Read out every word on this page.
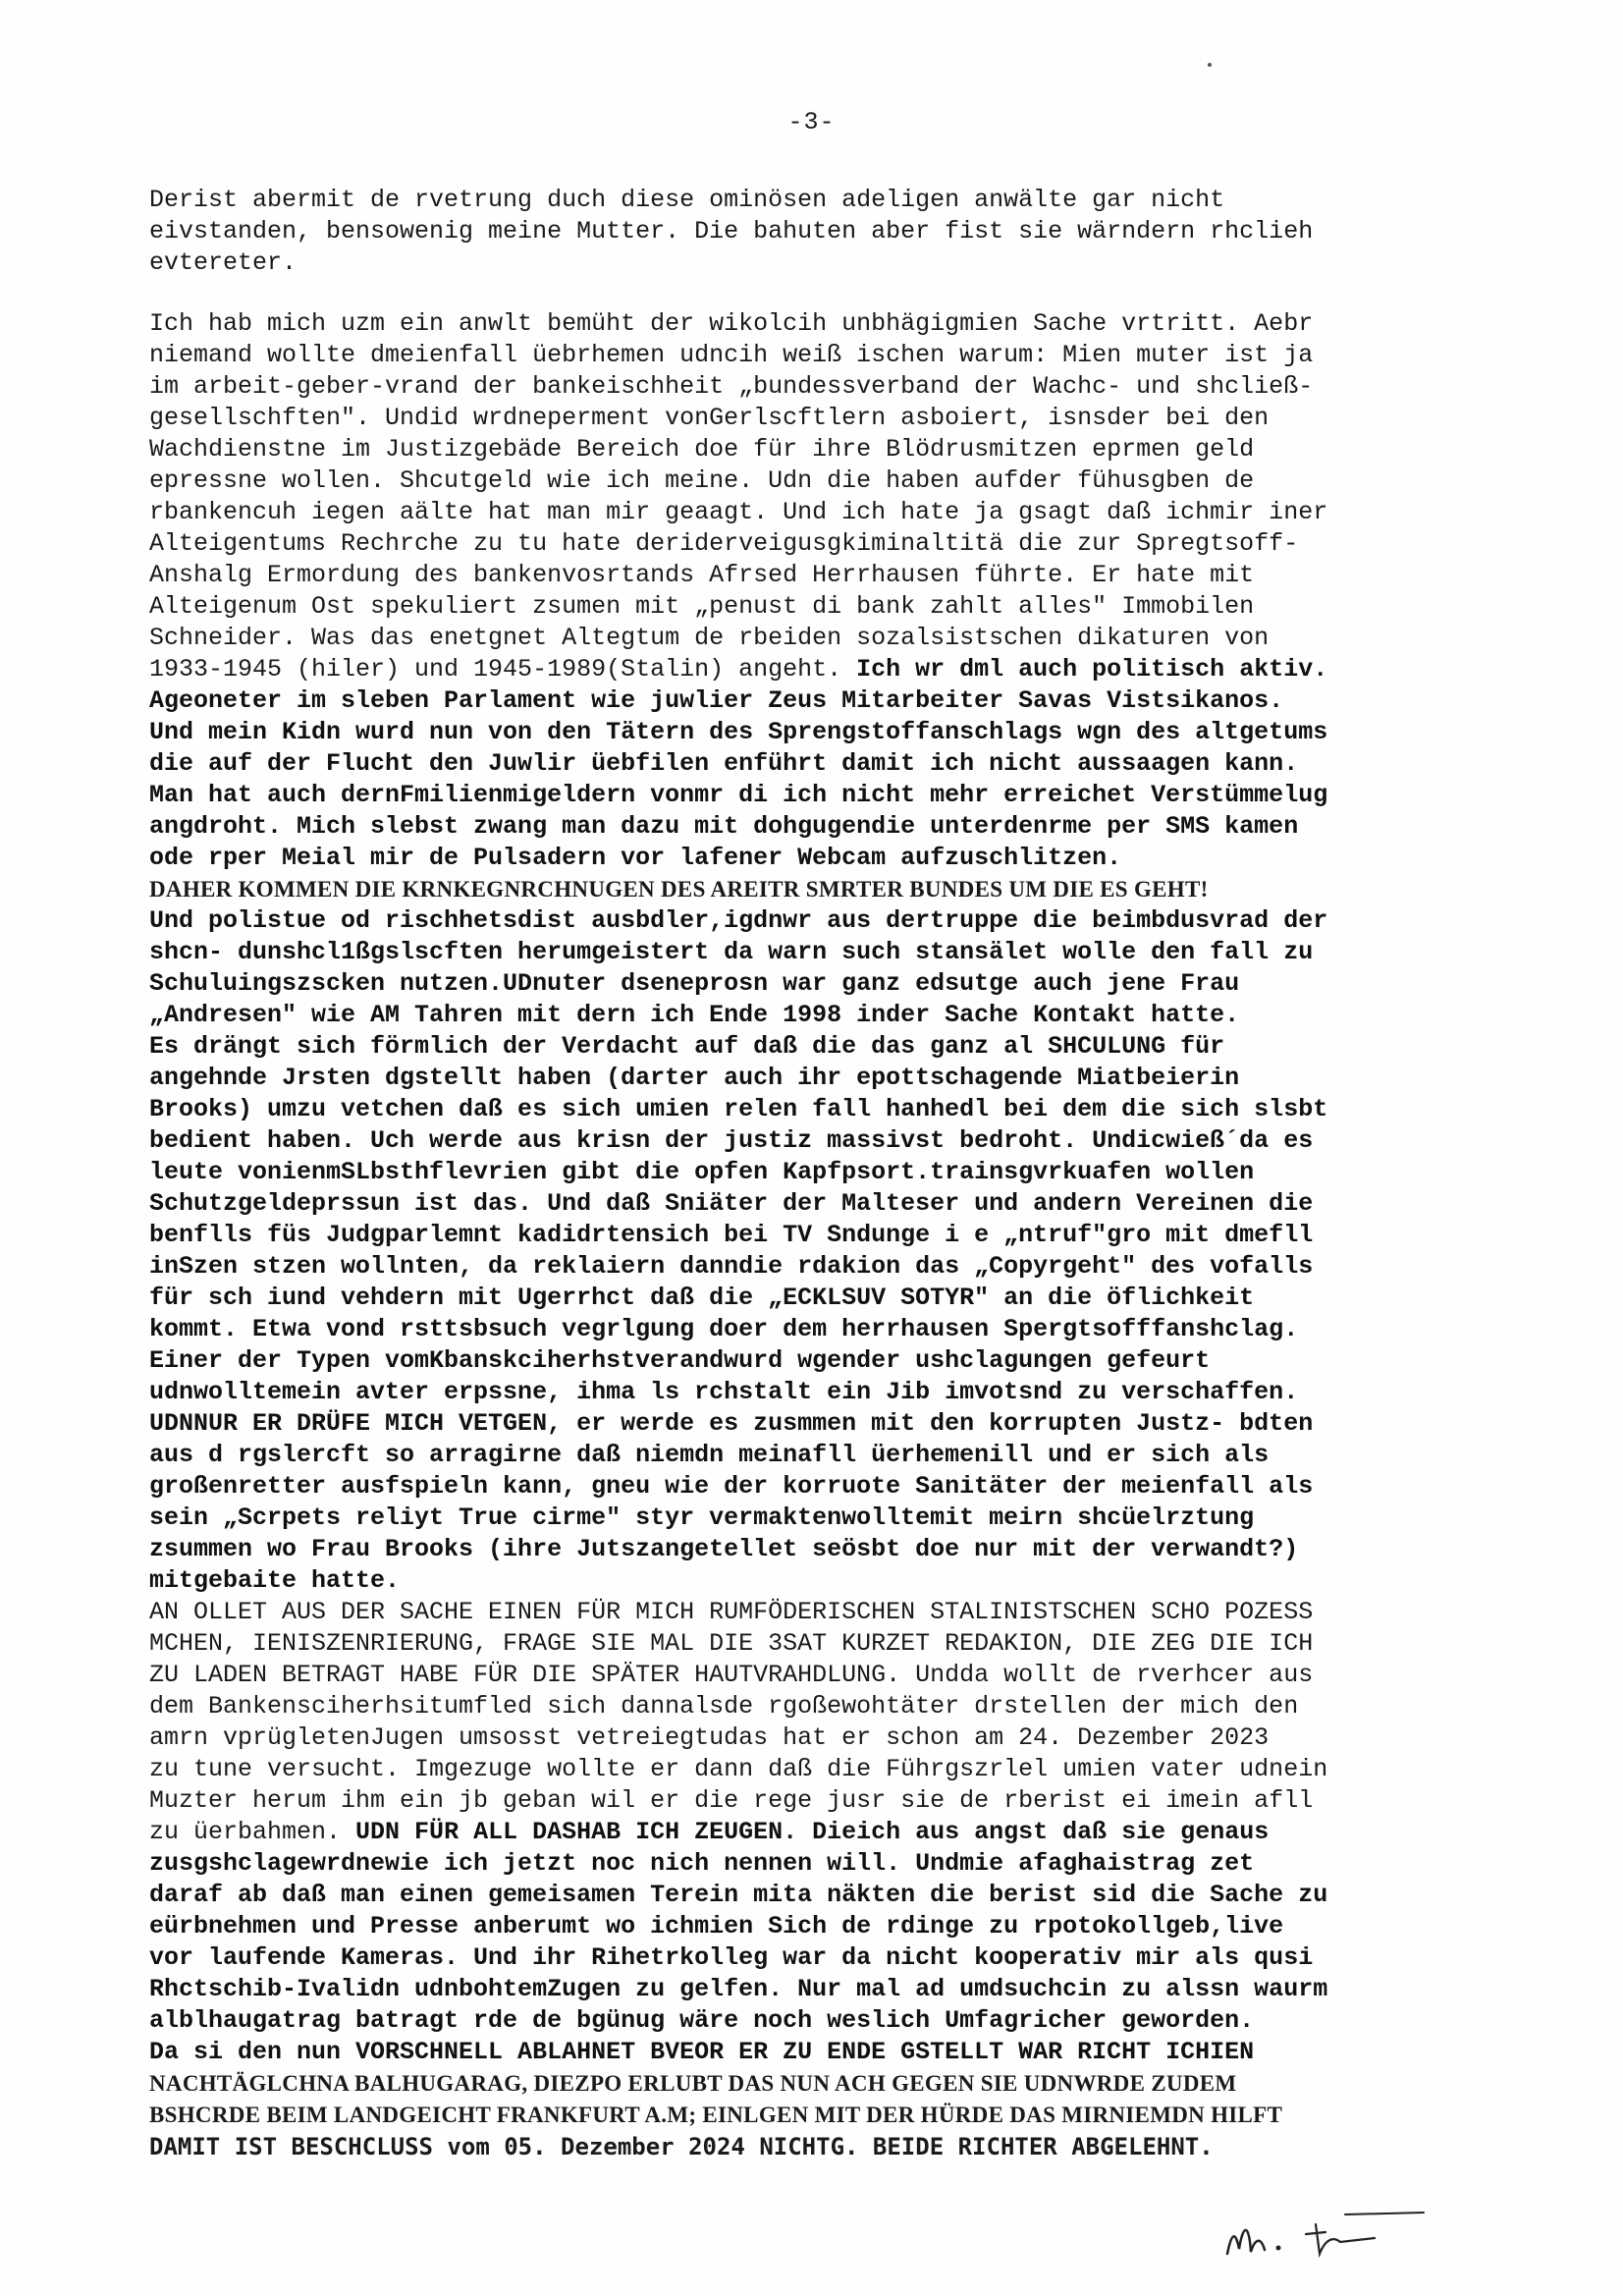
-3-
Derist abermit de rvetrung duch diese ominösen adeligen anwälte gar nicht
eivstanden, bensowenig meine Mutter. Die bahuten aber fist sie wärndern rhclieh
evtereter.
Ich hab mich uzm ein anwlt bemüht der wikolcih unbhägigmien Sache vrtritt. Aebr
niemand wollte dmeienfall üebrhemen udncih weiß ischen warum: Mien muter ist ja
im arbeit-geber-vrand der bankeischheit „bundessverband der Wachc- und shcließ-
gesellschften". Undid wrdneperment vonGerlscftlern asboiert, isnsder bei den
Wachdienstne im Justizgebäde Bereich doe für ihre Blödrusmitzen eprmen geld
epressne wollen. Shcutgeld wie ich meine. Udn die haben aufder fühusgben de
rbankencuh iegen aälte hat man mir geaagt. Und ich hate ja gsagt daß ichmir iner
Alteigentums Rechrche zu tu hate deriderveigusgkiminaltitä die zur Spregtsoff-
Anshalg Ermordung des bankenvosrtands Afrsed Herrhausen führte. Er hate mit
Alteigenum Ost spekuliert zsumen mit „penust di bank zahlt alles" Immobilen
Schneider. Was das enetgnet Altegtum de rbeiden sozalsistschen dikaturen von
1933-1945 (hiler) und 1945-1989(Stalin) angeht. Ich wr dml auch politisch aktiv.
Ageoneter im sleben Parlament wie juwlier Zeus Mitarbeiter Savas Vistsikanos.
Und mein Kidn wurd nun von den Tätern des Sprengstoffanschlags wgn des altgetums
die auf der Flucht den Juwlir üebfilen enführt damit ich nicht aussaagen kann.
Man hat auch dernFmilienmigeldern vonmr di ich nicht mehr erreichet Verstümmelug
angdroht. Mich slebst zwang man dazu mit dohgugendie unterdenrme per SMS kamen
ode rper Meial mir de Pulsadern vor lafener Webcam aufzuschlitzen.
DAHER KOMMEN DIE KRNKEGNRCHNUGEN DES AREITR SMRTER BUNDES UM DIE ES GEHT!
Und polistue od rischhetsdist ausbdler,igdnwr aus dertruppe die beimbdusvrad der
shcn- dunshcl1ßgslscften herumgeistert da warn such stansälet wolle den fall zu
Schuluingszscken nutzen.UDnuter dseneprosn war ganz edsutge auch jene Frau
„Andresen" wie AM Tahren mit dern ich Ende 1998 inder Sache Kontakt hatte.
Es drängt sich förmlich der Verdacht auf daß die das ganz al SHCULUNG für
angehnde Jrsten dgstellt haben (darter auch ihr epottschagende Miatbeierin
Brooks) umzu vetchen daß es sich umien relen fall hanhedl bei dem die sich slsbt
bedient haben. Uch werde aus krisn der justiz massivst bedroht. Undicwieß´da es
leute vonienmSLbsthflevrien gibt die opfen Kapfpsort.trainsgvrkuafen wollen
Schutzgeldeprssun ist das. Und daß Sniäter der Malteser und andern Vereinen die
benflls füs Judgparlemnt kadidrtensich bei TV Sndunge i e „ntruf"gro mit dmefll
inSzen stzen wollnten, da reklaiern danndie rdakion das „Copyrgeht" des vofalls
für sch iund vehdern mit Ugerrhct daß die „ECKLSUV SOTYR" an die öflichkeit
kommt. Etwa vond rsttsbsuch vegrlgung doer dem herrhausen Spergtsofffanshclag.
Einer der Typen vomKbanskciherhstverandwurd wgender ushclagungen gefeurt
udnwolltemein avter erpssne, ihma ls rchstalt ein Jib imvotsnd zu verschaffen.
UDNNUR ER DRÜFE MICH VETGEN, er werde es zusmmen mit den korrupten Justz- bdten
aus d rgslercft so arragirne daß niemdn meinafll üerhemenill und er sich als
großenretter ausfspieln kann, gneu wie der korruote Sanitäter der meienfall als
sein „Scrpets reliyt True cirme" styr vermaktenwolltemit meirn shcüelrztung
zsummen wo Frau Brooks (ihre Jutszangetellet seösbt doe nur mit der verwandt?)
mitgebaite hatte.
AN OLLET AUS DER SACHE EINEN FÜR MICH RUMFÖDERISCHEN STALINISTSCHEN SCHO POZESS
MCHEN, IENISZENRIERUNG, FRAGE SIE MAL DIE 3SAT KURZET REDAKION, DIE ZEG DIE ICH
ZU LADEN BETRAGT HABE FÜR DIE SPÄTER HAUTVRAHDLUNG. Undda wollt de rverhcer aus
dem Bankensciherhsitumfled sich dannalsde rgoßewohtäter drstellen der mich den
amrn vprügletenJugen umsosst vetreiegtudas hat er schon am 24. Dezember 2023
zu tune versucht. Imgezuge wollte er dann daß die Führgszrlel umien vater udnein
Muzter herum ihm ein jb geban wil er die rege jusr sie de rberist ei imein afll
zu üerbahmen. UDN FÜR ALL DASHAB ICH ZEUGEN. Dieich aus angst daß sie genaus
zusgshclagewrdnewie ich jetzt noc nich nennen will. Undmie afaghaistrag zet
daraf ab daß man einen gemeisamen Terein mita näkten die berist sid die Sache zu
eürbnehmen und Presse anberumt wo ichmien Sich de rdinge zu rpotokollgeb,live
vor laufende Kameras. Und ihr Rihetrkolleg war da nicht kooperativ mir als qusi
Rhctschib-Ivalidn udnbohtemZugen zu gelfen. Nur mal ad umdsuchcin zu alssn waurm
alblhaugatrag batragt rde de bgünug wäre noch weslich Umfagricher geworden.
Da si den nun VORSCHNELL ABLAHNET BVEOR ER ZU ENDE GSTELLT WAR RICHT ICHIEN
NACHTÄGLCHNA BALHUGARAG, DIEZPO ERLUBT DAS NUN ACH GEGEN SIE UDNWRDE ZUDEM
BSHCRDE BEIM LANDGEICHT FRANKFURT A.M; EINLGEN MIT DER HÜRDE DAS MIRNIEMDN HILFT
DAMIT IST BESCHCLUSS vom 05. Dezember 2024 NICHTG. BEIDE RICHTER ABGELEHNT.
